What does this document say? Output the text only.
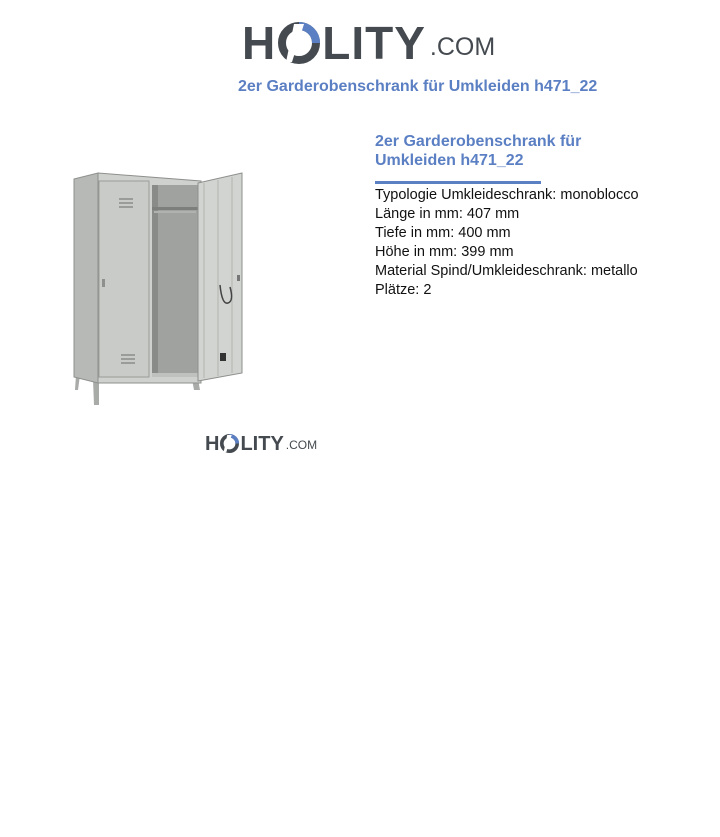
H LITY .COM
2er Garderobenschrank für Umkleiden h471_22
H LITY .COM
2er Garderobenschrank für
Umkleiden h471_22
Typologie Umkleideschrank: monoblocco
Länge in mm: 407 mm
Tiefe in mm: 400 mm
Höhe in mm: 399 mm
Material Spind/Umkleideschrank: metallo
Plätze: 2
